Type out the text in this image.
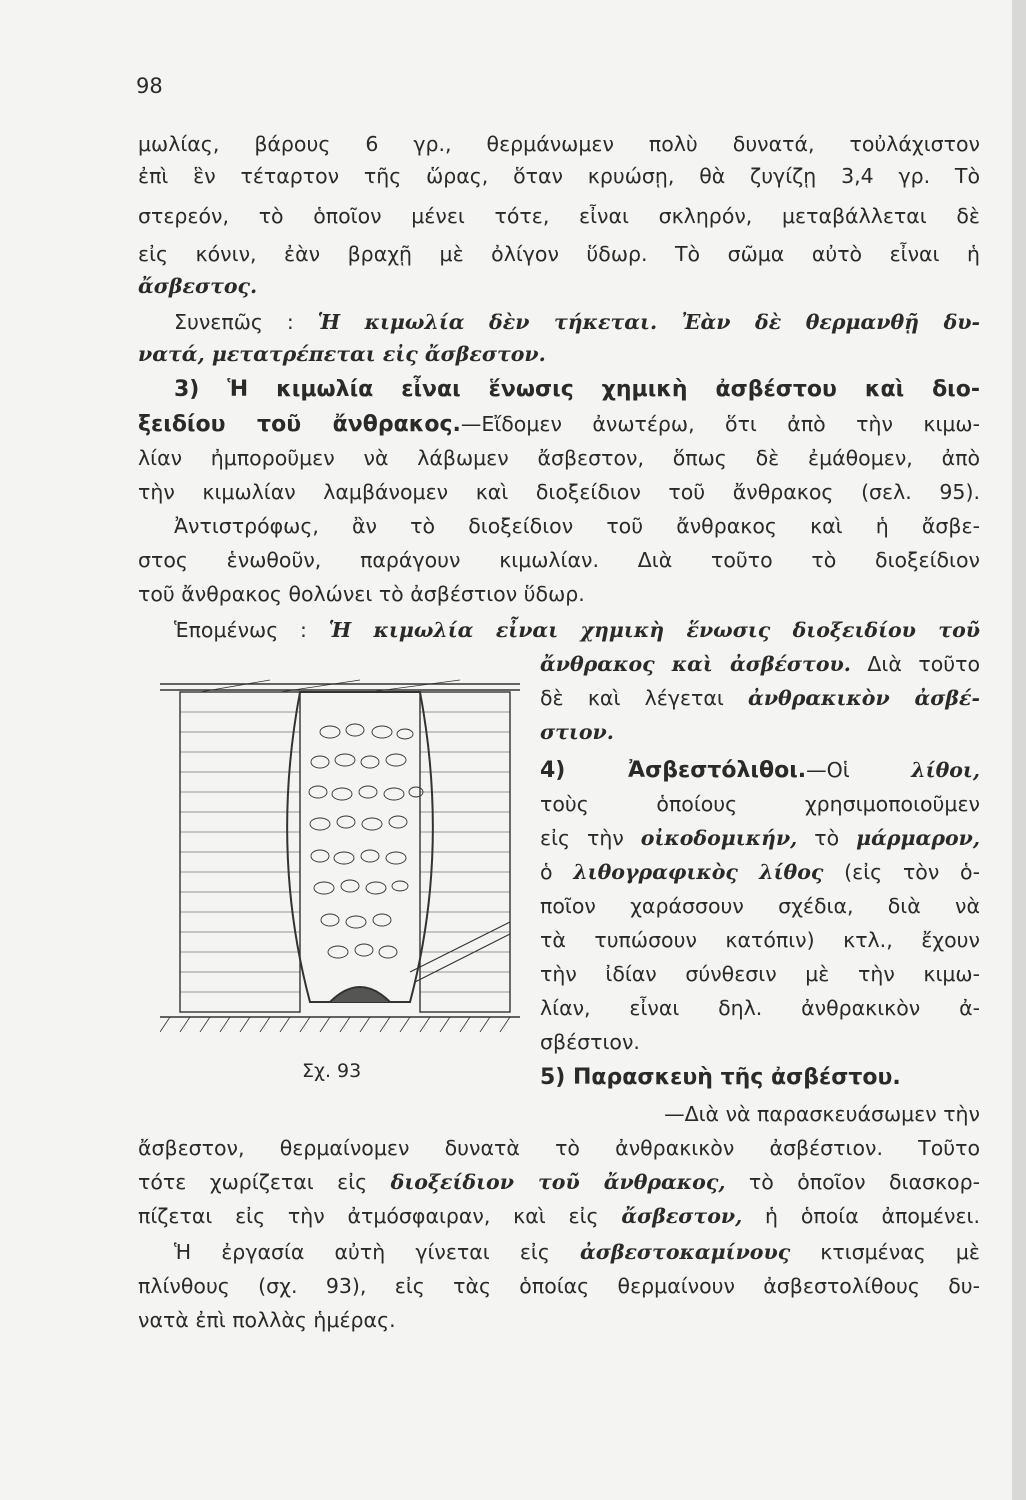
98
μωλίας, βάρους 6 γρ., θερμάνωμεν πολὺ δυνατά, τοὐλάχιστον
ἐπὶ ἓν τέταρτον τῆς ὥρας, ὅταν κρυώσῃ, θὰ ζυγίζῃ 3,4 γρ. Τὸ
στερεόν, τὸ ὁποῖον μένει τότε, εἶναι σκληρόν, μεταβάλλεται δὲ
εἰς κόνιν, ἐὰν βραχῇ μὲ ὀλίγον ὕδωρ. Τὸ σῶμα αὐτὸ εἶναι ἡ
ἄσβεστος.
Συνεπῶς : Ἡ κιμωλία δὲν τήκεται. Ἐὰν δὲ θερμανθῇ δυ-
νατά, μετατρέπεται εἰς ἄσβεστον.
3) Ἡ κιμωλία εἶναι ἕνωσις χημικὴ ἀσβέστου καὶ διο-
ξειδίου τοῦ ἄνθρακος.—Εἴδομεν ἀνωτέρω, ὅτι ἀπὸ τὴν κιμω-
λίαν ἠμποροῦμεν νὰ λάβωμεν ἄσβεστον, ὅπως δὲ ἐμάθομεν, ἀπὸ
τὴν κιμωλίαν λαμβάνομεν καὶ διοξείδιον τοῦ ἄνθρακος (σελ. 95).
Ἀντιστρόφως, ἂν τὸ διοξείδιον τοῦ ἄνθρακος καὶ ἡ ἄσβε-
στος ἑνωθοῦν, παράγουν κιμωλίαν. Διὰ τοῦτο τὸ διοξείδιον
τοῦ ἄνθρακος θολώνει τὸ ἀσβέστιον ὕδωρ.
Ἑπομένως : Ἡ κιμωλία εἶναι χημικὴ ἕνωσις διοξειδίου τοῦ
ἄνθρακος καὶ ἀσβέστου. Διὰ τοῦτο
δὲ καὶ λέγεται ἀνθρακικὸν ἀσβέ-
στιον.
4) Ἀσβεστόλιθοι.—Οἱ λίθοι,
τοὺς ὁποίους χρησιμοποιοῦμεν
εἰς τὴν οἰκοδομικήν, τὸ μάρμαρον,
ὁ λιθογραφικὸς λίθος (εἰς τὸν ὁ-
ποῖον χαράσσουν σχέδια, διὰ νὰ
τὰ τυπώσουν κατόπιν) κτλ., ἔχουν
τὴν ἰδίαν σύνθεσιν μὲ τὴν κιμω-
λίαν, εἶναι δηλ. ἀνθρακικὸν ἀ-
σβέστιον.
5) Παρασκευὴ τῆς ἀσβέστου.
—Διὰ νὰ παρασκευάσωμεν τὴν
ἄσβεστον, θερμαίνομεν δυνατὰ τὸ ἀνθρακικὸν ἀσβέστιον. Τοῦτο
τότε χωρίζεται εἰς διοξείδιον τοῦ ἄνθρακος, τὸ ὁποῖον διασκορ-
πίζεται εἰς τὴν ἀτμόσφαιραν, καὶ εἰς ἄσβεστον, ἡ ὁποία ἀπομένει.
Ἡ ἐργασία αὐτὴ γίνεται εἰς ἀσβεστοκαμίνους κτισμένας μὲ
πλίνθους (σχ. 93), εἰς τὰς ὁποίας θερμαίνουν ἀσβεστολίθους δυ-
νατὰ ἐπὶ πολλὰς ἡμέρας.
Σχ. 93
